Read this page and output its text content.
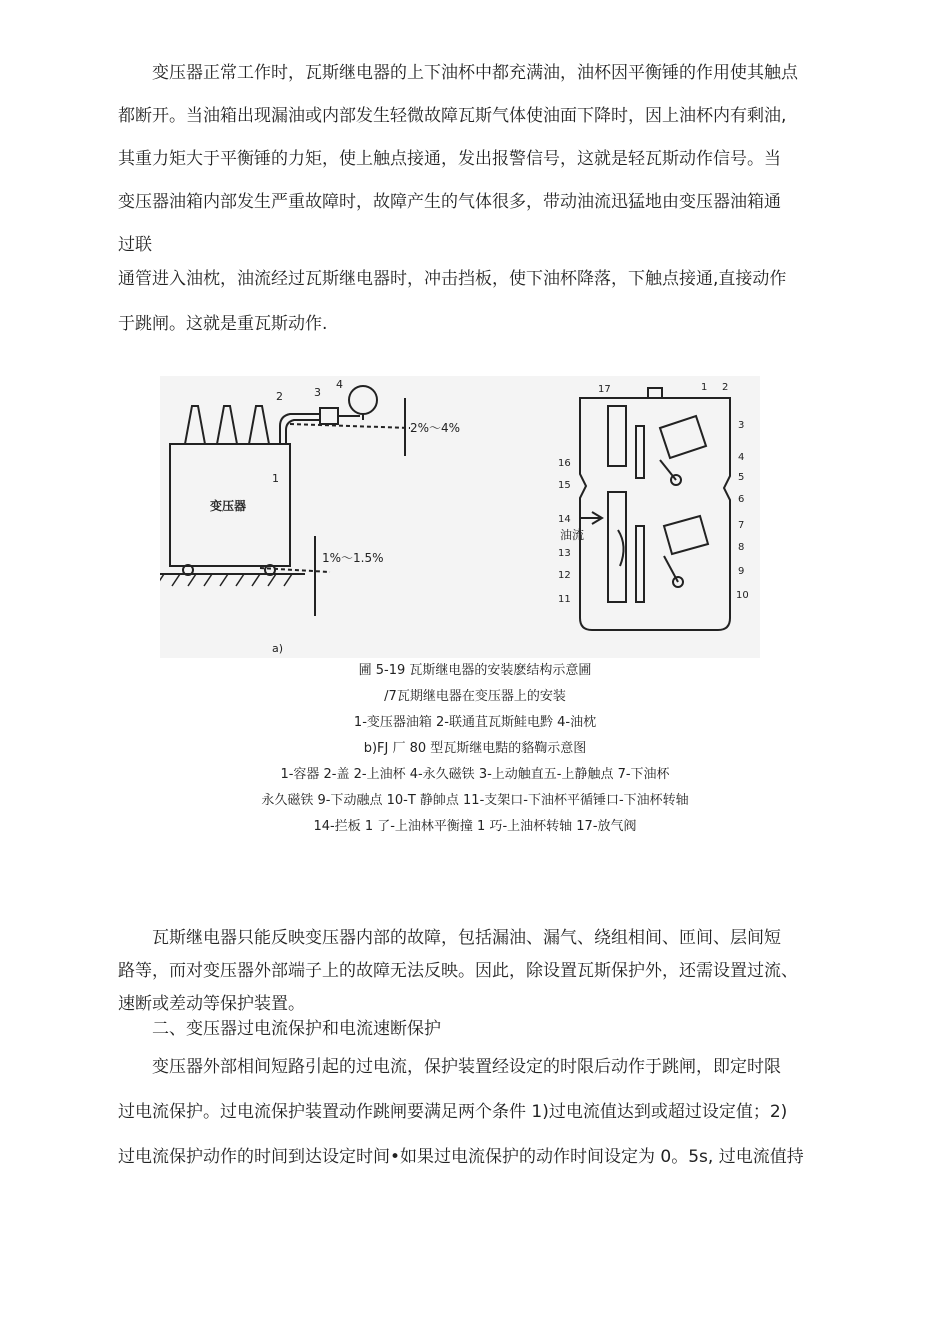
变压器正常工作时，瓦斯继电器的上下油杯中都充满油，油杯因平衡锤的作用使其触点
都断开。当油箱出现漏油或内部发生轻微故障瓦斯气体使油面下降时，因上油杯内有剩油,
其重力矩大于平衡锤的力矩，使上触点接通，发出报警信号，这就是轻瓦斯动作信号。当
变压器油箱内部发生严重故障时，故障产生的气体很多，带动油流迅猛地由变压器油箱通
过联
通管进入油枕，油流经过瓦斯继电器时，冲击挡板，使下油杯降落，下触点接通,直接动作
于跳闸。这就是重瓦斯动作.
变压器
2%～4%
1%～1.5%
1
2	3
4
a)
油流
17	1 2
3
4
5
6
7
8
9
10
11
12
13
14
15
16
圃 5-19 瓦斯继电器的安装麽结构示意圃
/7瓦期继电器在变压器上的安装
1-变压器油箱 2-联通苴瓦斯鲑电黔 4-油枕
b)FJ 厂 80 型瓦斯继电黠的貉鞫示意图
1-容器 2-盖 2-上油杯 4-永久磁铁 3-上动触直五-上静触点 7-下油杯
永久磁铁 9-下动融点 10-T 静帥点 11-支架口-下油杯平循锤口-下油杯转轴
14-拦板 1 了-上油林平衡撞 1 巧-上油杯转轴 17-放气阀
瓦斯继电器只能反映变压器内部的故障，包括漏油、漏气、绕组相间、匝间、层间短
路等，而对变压器外部端子上的故障无法反映。因此，除设置瓦斯保护外，还需设置过流、
速断或差动等保护装置。
二、变压器过电流保护和电流速断保护
变压器外部相间短路引起的过电流，保护装置经设定的时限后动作于跳闸，即定时限
过电流保护。过电流保护装置动作跳闸要满足两个条件 1)过电流值达到或超过设定值；2)
过电流保护动作的时间到达设定时间•如果过电流保护的动作时间设定为 0。5s, 过电流值持
